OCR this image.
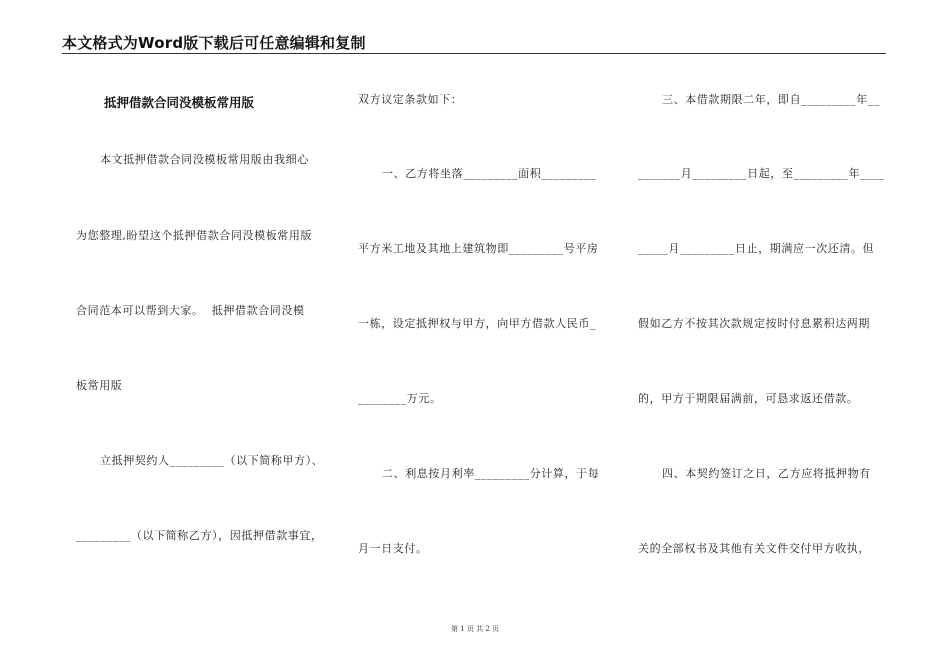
本文格式为Word版下载后可任意编辑和复制
抵押借款合同没模板常用版
本文抵押借款合同没模板常用版由我细心
为您整理,盼望这个抵押借款合同没模板常用版
合同范本可以帮到大家。  抵押借款合同没模
板常用版
立抵押契约人_________（以下简称甲方）、
_________（以下简称乙方），因抵押借款事宜，
双方议定条款如下：
一、乙方将坐落_________面积_________
平方米工地及其地上建筑物即_________号平房
一栋，设定抵押权与甲方，向甲方借款人民币_
________万元。
二、利息按月利率_________分计算，于每
月一日支付。
三、本借款期限二年，即自_________年__
_______月_________日起，至_________年____
_____月_________日止，期满应一次还清。但
假如乙方不按其次款规定按时付息累积达两期
的，甲方于期限届满前，可恳求返还借款。
四、本契约签订之日，乙方应将抵押物有
关的全部权书及其他有关文件交付甲方收执，
第 1 页 共 2 页
